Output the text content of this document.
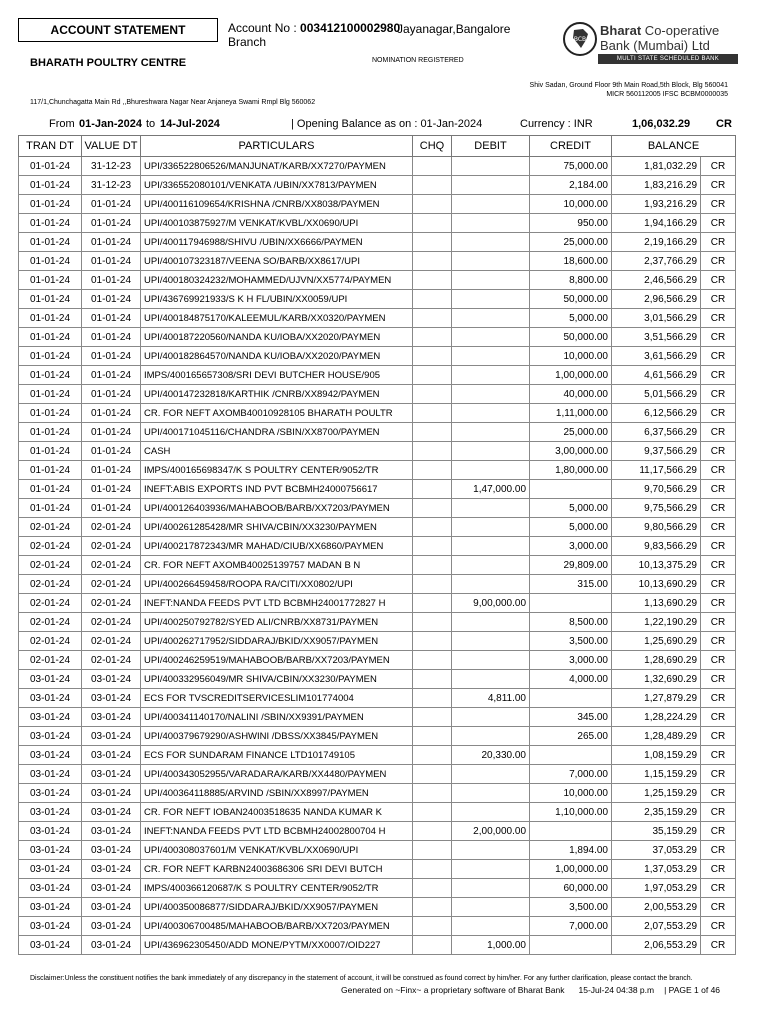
ACCOUNT STATEMENT	Account No : 003412100002980
Jayanagar,Bangalore
Branch
BHARATH POULTRY CENTRE	NOMINATION REGISTERED
BCB
Bharat Co-operative
Bank (Mumbai) Ltd
MULTI STATE SCHEDULED BANK
Shiv Sadan, Ground Floor 9th Main Road,5th Block, Blg 560041
MICR 560112005 IFSC BCBM0000035
117/1,Chunchagatta Main Rd ,,Bhureshwara Nagar Near Anjaneya Swami Rmpl Blg 560062
From 01-Jan-2024 to 14-Jul-2024	| Opening Balance as on : 01-Jan-2024	Currency : INR	1,06,032.29 CR
TRAN DT	VALUE DT	PARTICULARS	CHQ	DEBIT	CREDIT	BALANCE	
01-01-24	31-12-23	UPI/336522806526/MANJUNAT/KARB/XX7270/PAYMEN			75,000.00	1,81,032.29	CR
01-01-24	31-12-23	UPI/336552080101/VENKATA /UBIN/XX7813/PAYMEN			2,184.00	1,83,216.29	CR
01-01-24	01-01-24	UPI/400116109654/KRISHNA /CNRB/XX8038/PAYMEN			10,000.00	1,93,216.29	CR
01-01-24	01-01-24	UPI/400103875927/M VENKAT/KVBL/XX0690/UPI			950.00	1,94,166.29	CR
01-01-24	01-01-24	UPI/400117946988/SHIVU /UBIN/XX6666/PAYMEN			25,000.00	2,19,166.29	CR
01-01-24	01-01-24	UPI/400107323187/VEENA SO/BARB/XX8617/UPI			18,600.00	2,37,766.29	CR
01-01-24	01-01-24	UPI/400180324232/MOHAMMED/UJVN/XX5774/PAYMEN			8,800.00	2,46,566.29	CR
01-01-24	01-01-24	UPI/436769921933/S K H FL/UBIN/XX0059/UPI			50,000.00	2,96,566.29	CR
01-01-24	01-01-24	UPI/400184875170/KALEEMUL/KARB/XX0320/PAYMEN			5,000.00	3,01,566.29	CR
01-01-24	01-01-24	UPI/400187220560/NANDA KU/IOBA/XX2020/PAYMEN			50,000.00	3,51,566.29	CR
01-01-24	01-01-24	UPI/400182864570/NANDA KU/IOBA/XX2020/PAYMEN			10,000.00	3,61,566.29	CR
01-01-24	01-01-24	IMPS/400165657308/SRI DEVI BUTCHER HOUSE/905			1,00,000.00	4,61,566.29	CR
01-01-24	01-01-24	UPI/400147232818/KARTHIK /CNRB/XX8942/PAYMEN			40,000.00	5,01,566.29	CR
01-01-24	01-01-24	CR. FOR NEFT AXOMB40010928105 BHARATH POULTR			1,11,000.00	6,12,566.29	CR
01-01-24	01-01-24	UPI/400171045116/CHANDRA /SBIN/XX8700/PAYMEN			25,000.00	6,37,566.29	CR
01-01-24	01-01-24	CASH			3,00,000.00	9,37,566.29	CR
01-01-24	01-01-24	IMPS/400165698347/K S POULTRY CENTER/9052/TR			1,80,000.00	11,17,566.29	CR
01-01-24	01-01-24	INEFT:ABIS EXPORTS IND PVT BCBMH24000756617		1,47,000.00		9,70,566.29	CR
01-01-24	01-01-24	UPI/400126403936/MAHABOOB/BARB/XX7203/PAYMEN			5,000.00	9,75,566.29	CR
02-01-24	02-01-24	UPI/400261285428/MR SHIVA/CBIN/XX3230/PAYMEN			5,000.00	9,80,566.29	CR
02-01-24	02-01-24	UPI/400217872343/MR MAHAD/CIUB/XX6860/PAYMEN			3,000.00	9,83,566.29	CR
02-01-24	02-01-24	CR. FOR NEFT AXOMB40025139757 MADAN B N			29,809.00	10,13,375.29	CR
02-01-24	02-01-24	UPI/400266459458/ROOPA RA/CITI/XX0802/UPI			315.00	10,13,690.29	CR
02-01-24	02-01-24	INEFT:NANDA FEEDS PVT LTD BCBMH24001772827 H		9,00,000.00		1,13,690.29	CR
02-01-24	02-01-24	UPI/400250792782/SYED ALI/CNRB/XX8731/PAYMEN			8,500.00	1,22,190.29	CR
02-01-24	02-01-24	UPI/400262717952/SIDDARAJ/BKID/XX9057/PAYMEN			3,500.00	1,25,690.29	CR
02-01-24	02-01-24	UPI/400246259519/MAHABOOB/BARB/XX7203/PAYMEN			3,000.00	1,28,690.29	CR
03-01-24	03-01-24	UPI/400332956049/MR SHIVA/CBIN/XX3230/PAYMEN			4,000.00	1,32,690.29	CR
03-01-24	03-01-24	ECS FOR TVSCREDITSERVICESLIM101774004		4,811.00		1,27,879.29	CR
03-01-24	03-01-24	UPI/400341140170/NALINI /SBIN/XX9391/PAYMEN			345.00	1,28,224.29	CR
03-01-24	03-01-24	UPI/400379679290/ASHWINI /DBSS/XX3845/PAYMEN			265.00	1,28,489.29	CR
03-01-24	03-01-24	ECS FOR SUNDARAM FINANCE LTD101749105		20,330.00		1,08,159.29	CR
03-01-24	03-01-24	UPI/400343052955/VARADARA/KARB/XX4480/PAYMEN			7,000.00	1,15,159.29	CR
03-01-24	03-01-24	UPI/400364118885/ARVIND /SBIN/XX8997/PAYMEN			10,000.00	1,25,159.29	CR
03-01-24	03-01-24	CR. FOR NEFT IOBAN24003518635 NANDA KUMAR K			1,10,000.00	2,35,159.29	CR
03-01-24	03-01-24	INEFT:NANDA FEEDS PVT LTD BCBMH24002800704 H		2,00,000.00		35,159.29	CR
03-01-24	03-01-24	UPI/400308037601/M VENKAT/KVBL/XX0690/UPI			1,894.00	37,053.29	CR
03-01-24	03-01-24	CR. FOR NEFT KARBN24003686306 SRI DEVI BUTCH			1,00,000.00	1,37,053.29	CR
03-01-24	03-01-24	IMPS/400366120687/K S POULTRY CENTER/9052/TR			60,000.00	1,97,053.29	CR
03-01-24	03-01-24	UPI/400350086877/SIDDARAJ/BKID/XX9057/PAYMEN			3,500.00	2,00,553.29	CR
03-01-24	03-01-24	UPI/400306700485/MAHABOOB/BARB/XX7203/PAYMEN			7,000.00	2,07,553.29	CR
03-01-24	03-01-24	UPI/436962305450/ADD MONE/PYTM/XX0007/OID227		1,000.00		2,06,553.29	CR
Disclaimer:Unless the constituent notifies the bank immediately of any discrepancy in the statement of account, it will be construed as found correct by him/her. For any further clarification, please contact the branch.
Generated on ~Finx~ a proprietary software of Bharat Bank 15-Jul-24 04:38 p.m | PAGE 1 of 46
